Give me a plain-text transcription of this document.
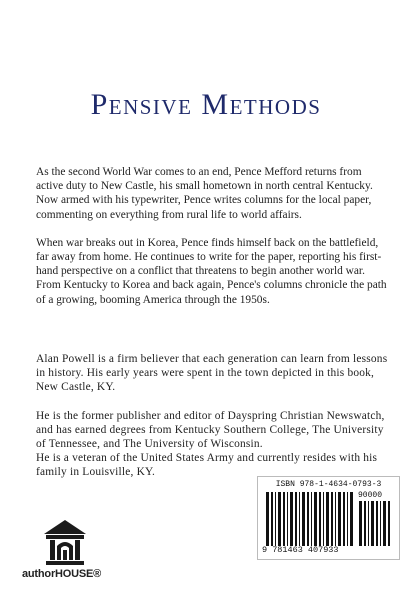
Pensive Methods

As the second World War comes to an end, Pence Mefford returns from active duty to New Castle, his small hometown in north central Kentucky.

Now armed with his typewriter, Pence writes columns for the local paper, commenting on everything from rural life to world affairs.

When war breaks out in Korea, Pence finds himself back on the battlefield, far away from home. He continues to write for the paper, reporting his first-hand perspective on a conflict that threatens to begin another world war.

From Kentucky to Korea and back again, Pence's columns chronicle the path of a growing, booming America through the 1950s.

Alan Powell is a firm believer that each generation can learn from lessons in history. His early years were spent in the town depicted in this book, New Castle, KY.

He is the former publisher and editor of Dayspring Christian Newswatch, and has earned degrees from Kentucky Southern College, The University of Tennessee, and The University of Wisconsin.

He is a veteran of the United States Army and currently resides with his family in Louisville, KY.

authorHOUSE®
ISBN 978-1-4634-0793-3
90000
9 781463 407933
